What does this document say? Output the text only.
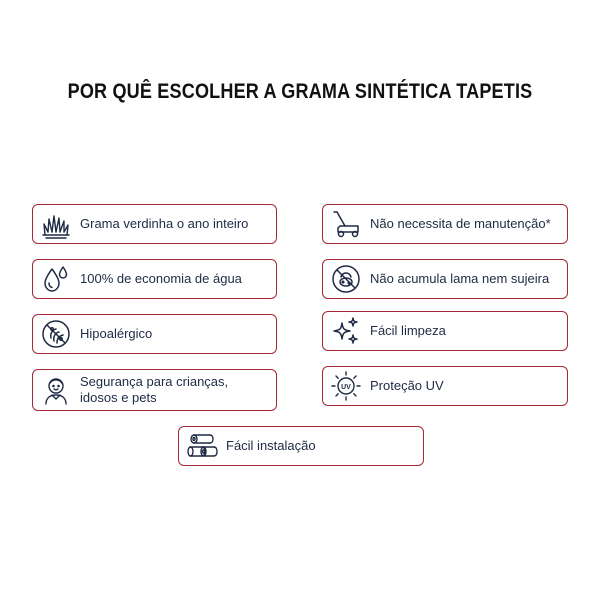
POR QUÊ ESCOLHER A GRAMA SINTÉTICA TAPETIS
Grama verdinha o ano inteiro
100% de economia de água
Hipoalérgico
Segurança para crianças,
idosos e pets
Não necessita de manutenção*
Não acumula lama nem sujeira
Fácil limpeza
UV Proteção UV
Fácil instalação
